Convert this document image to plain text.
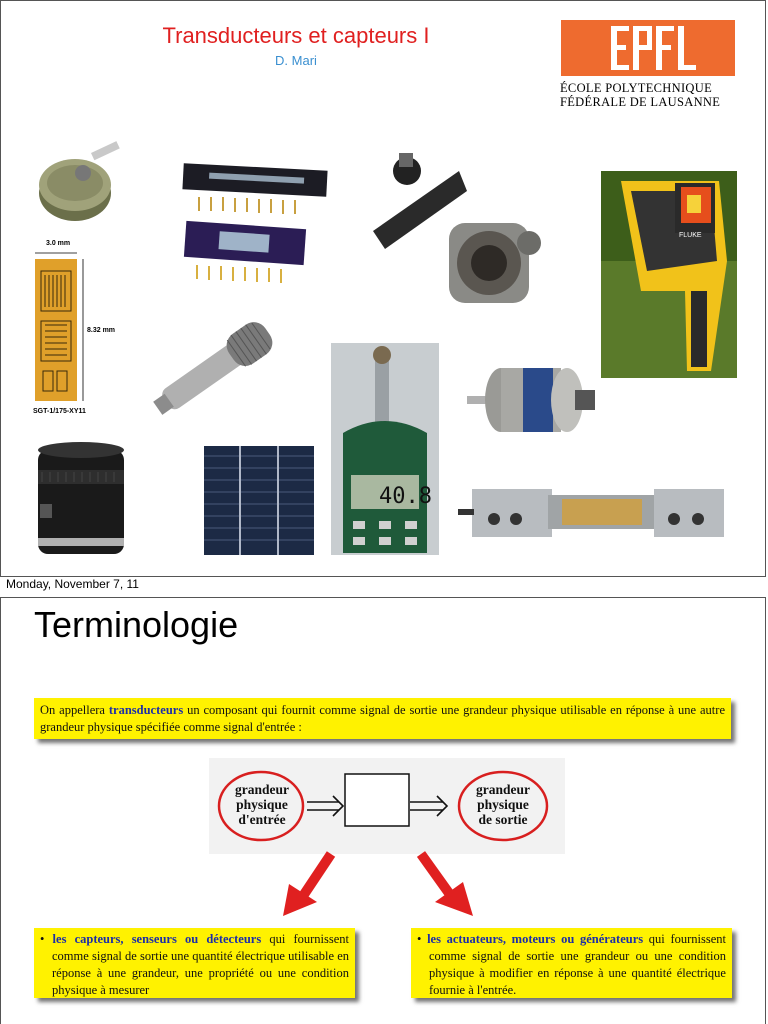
Transducteurs et capteurs I
D. Mari
ÉCOLE POLYTECHNIQUE
FÉDÉRALE DE LAUSANNE
FLUKE
3.0 mm
8.32 mm
SGT-1/175-XY11
40.8
Monday, November 7, 11
Terminologie
On appellera transducteurs un composant qui fournit comme signal de sortie une grandeur physique utilisable en réponse à une autre grandeur physique spécifiée comme signal d'entrée :
grandeur
physique
d'entrée
grandeur
physique
de sortie
• les capteurs, senseurs ou détecteurs qui fournissent comme signal de sortie une quantité électrique utilisable en réponse à une grandeur, une propriété ou une condition physique à mesurer
• les actuateurs, moteurs ou générateurs qui fournissent comme signal de sortie une grandeur ou une condition physique à modifier en réponse à une quantité électrique fournie à l'entrée.
